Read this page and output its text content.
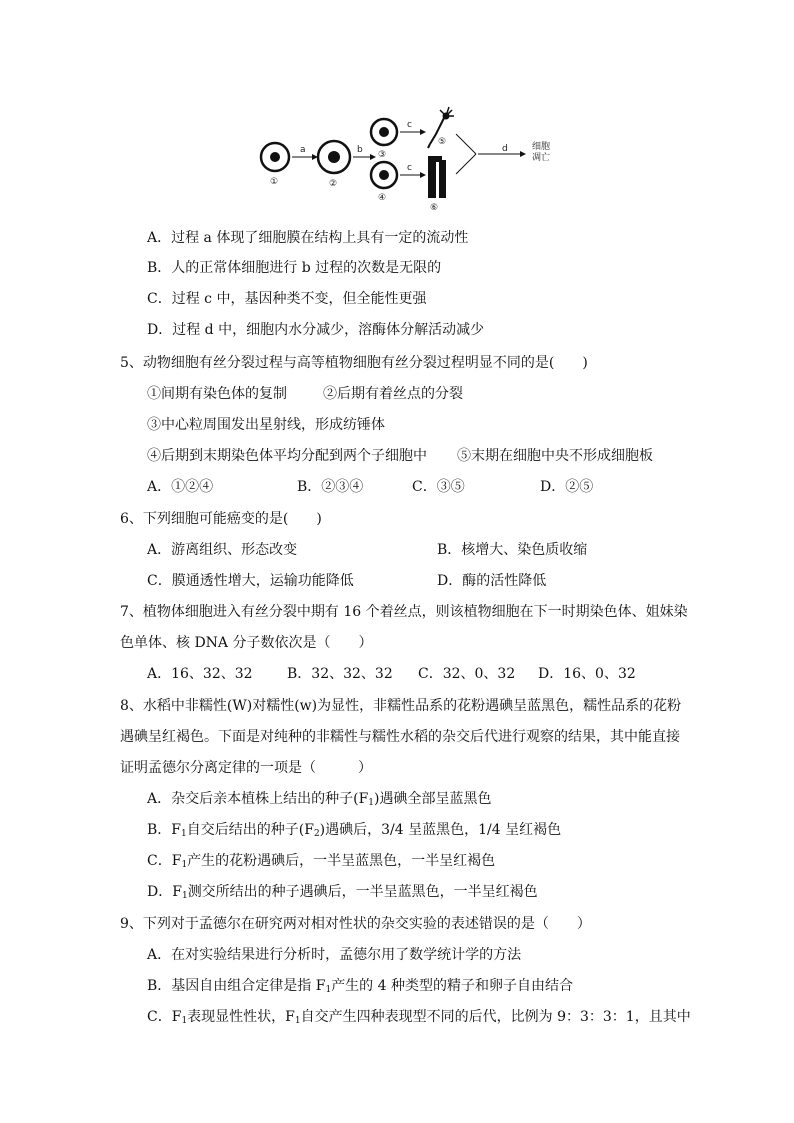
①
a
②
b ③
④
c
c
⑤
⑥
d	细胞
凋亡
A．过程 a 体现了细胞膜在结构上具有一定的流动性
B．人的正常体细胞进行 b 过程的次数是无限的
C．过程 c 中，基因种类不变，但全能性更强
D．过程 d 中，细胞内水分减少，溶酶体分解活动减少
5、动物细胞有丝分裂过程与高等植物细胞有丝分裂过程明显不同的是(　　)
①间期有染色体的复制	②后期有着丝点的分裂
③中心粒周围发出星射线，形成纺锤体
④后期到末期染色体平均分配到两个子细胞中 ⑤末期在细胞中央不形成细胞板
A．①②④	B．②③④	C．③⑤	D．②⑤
6、下列细胞可能癌变的是(　　)
A．游离组织、形态改变	B．核增大、染色质收缩
C．膜通透性增大，运输功能降低	D．酶的活性降低
7、植物体细胞进入有丝分裂中期有 16 个着丝点，则该植物细胞在下一时期染色体、姐妹染
色单体、核 DNA 分子数依次是（　　）
A．16、32、32 B．32、32、32 C．32、0、32 D．16、0、32
8、水稻中非糯性(W)对糯性(w)为显性，非糯性品系的花粉遇碘呈蓝黑色，糯性品系的花粉
遇碘呈红褐色。下面是对纯种的非糯性与糯性水稻的杂交后代进行观察的结果，其中能直接
证明孟德尔分离定律的一项是（　　　）
A．杂交后亲本植株上结出的种子$(F_1)$遇碘全部呈蓝黑色
B．$F_1$自交后结出的种子$(F_2)$遇碘后，3/4 呈蓝黑色，1/4 呈红褐色
C．$F_1$产生的花粉遇碘后，一半呈蓝黑色，一半呈红褐色
D．$F_1$测交所结出的种子遇碘后，一半呈蓝黑色，一半呈红褐色
9、下列对于孟德尔在研究两对相对性状的杂交实验的表述错误的是（　　）
A．在对实验结果进行分析时，孟德尔用了数学统计学的方法
B．基因自由组合定律是指 $F_1$产生的 4 种类型的精子和卵子自由结合
C．$F_1$表现显性性状，$F_1$自交产生四种表现型不同的后代，比例为 9：3：3：1，且其中
